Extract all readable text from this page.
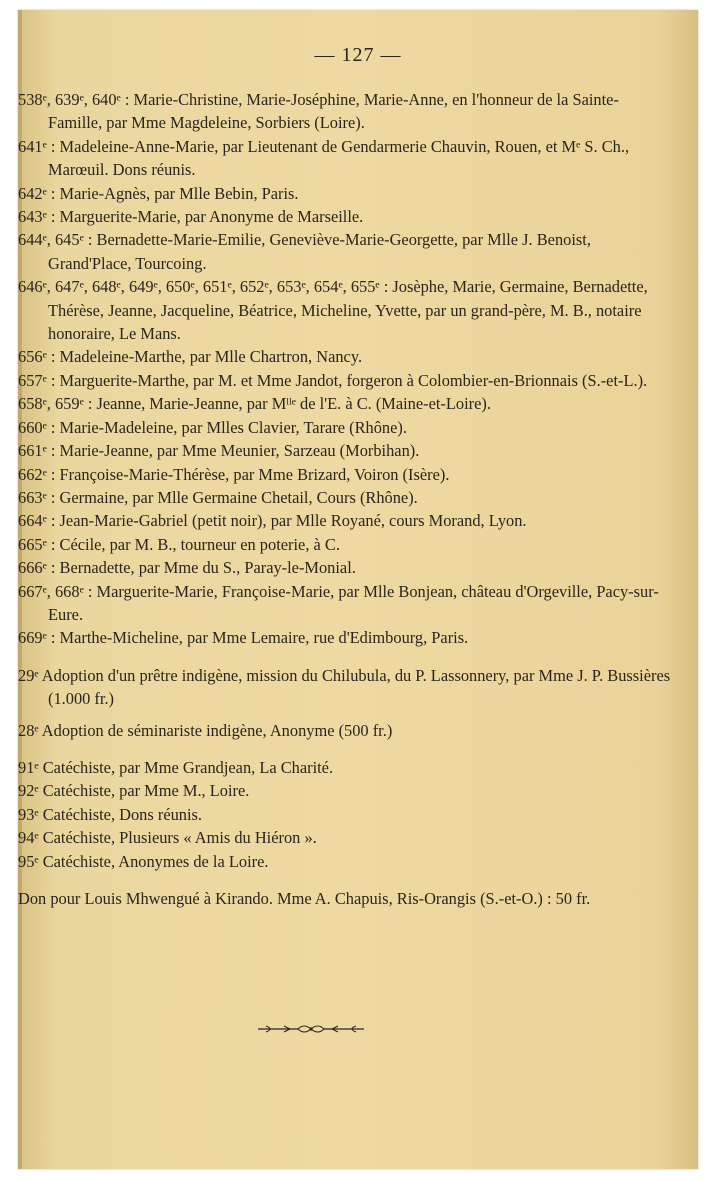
— 127 —

538ᵉ, 639ᵉ, 640ᵉ : Marie-Christine, Marie-Joséphine, Marie-Anne, en l'honneur de la Sainte-Famille, par Mme Magdeleine, Sorbiers (Loire).

641ᵉ : Madeleine-Anne-Marie, par Lieutenant de Gendarmerie Chauvin, Rouen, et Mᵉ S. Ch., Marœuil. Dons réunis.

642ᵉ : Marie-Agnès, par Mlle Bebin, Paris.

643ᵉ : Marguerite-Marie, par Anonyme de Marseille.

644ᵉ, 645ᵉ : Bernadette-Marie-Emilie, Geneviève-Marie-Georgette, par Mlle J. Benoist, Grand'Place, Tourcoing.

646ᵉ, 647ᵉ, 648ᵉ, 649ᵉ, 650ᵉ, 651ᵉ, 652ᵉ, 653ᵉ, 654ᵉ, 655ᵉ : Josèphe, Marie, Germaine, Bernadette, Thérèse, Jeanne, Jacqueline, Béatrice, Micheline, Yvette, par un grand-père, M. B., notaire honoraire, Le Mans.

656ᵉ : Madeleine-Marthe, par Mlle Chartron, Nancy.

657ᵉ : Marguerite-Marthe, par M. et Mme Jandot, forgeron à Colombier-en-Brionnais (S.-et-L.).

658ᵉ, 659ᵉ : Jeanne, Marie-Jeanne, par Mˡˡᵉ de l'E. à C. (Maine-et-Loire).

660ᵉ : Marie-Madeleine, par Mlles Clavier, Tarare (Rhône).

661ᵉ : Marie-Jeanne, par Mme Meunier, Sarzeau (Morbihan).

662ᵉ : Françoise-Marie-Thérèse, par Mme Brizard, Voiron (Isère).

663ᵉ : Germaine, par Mlle Germaine Chetail, Cours (Rhône).

664ᵉ : Jean-Marie-Gabriel (petit noir), par Mlle Royané, cours Morand, Lyon.

665ᵉ : Cécile, par M. B., tourneur en poterie, à C.

666ᵉ : Bernadette, par Mme du S., Paray-le-Monial.

667ᵉ, 668ᵉ : Marguerite-Marie, Françoise-Marie, par Mlle Bonjean, château d'Orgeville, Pacy-sur-Eure.

669ᵉ : Marthe-Micheline, par Mme Lemaire, rue d'Edimbourg, Paris.

29ᵉ Adoption d'un prêtre indigène, mission du Chilubula, du P. Lassonnery, par Mme J. P. Bussières (1.000 fr.)

28ᵉ Adoption de séminariste indigène, Anonyme (500 fr.)

91ᵉ Catéchiste, par Mme Grandjean, La Charité.

92ᵉ Catéchiste, par Mme M., Loire.

93ᵉ Catéchiste, Dons réunis.

94ᵉ Catéchiste, Plusieurs « Amis du Hiéron ».

95ᵉ Catéchiste, Anonymes de la Loire.

Don pour Louis Mhwengué à Kirando. Mme A. Chapuis, Ris-Orangis (S.-et-O.) : 50 fr.
